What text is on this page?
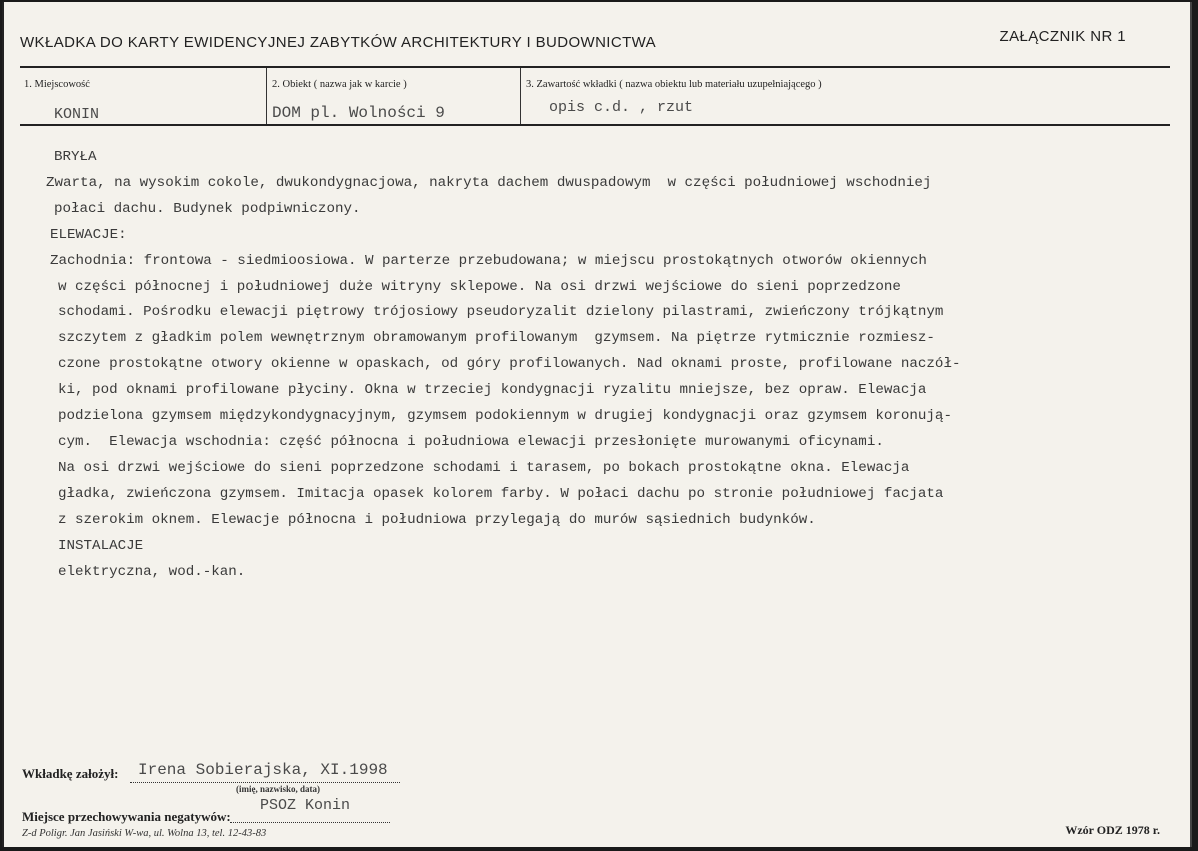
WKŁADKA DO KARTY EWIDENCYJNEJ ZABYTKÓW ARCHITEKTURY I BUDOWNICTWA	ZAŁĄCZNIK NR 1
1. Miejscowość
KONIN
2. Obiekt ( nazwa jak w karcie )
DOM pl. Wolności 9
3. Zawartość wkładki ( nazwa obiektu lub materiału uzupełniającego )
opis c.d. , rzut
BRYŁA
Zwarta, na wysokim cokole, dwukondygnacjowa, nakryta dachem dwuspadowym  w części południowej wschodniej
połaci dachu. Budynek podpiwniczony.
ELEWACJE:
Zachodnia: frontowa - siedmioosiowa. W parterze przebudowana; w miejscu prostokątnych otworów okiennych
w części północnej i południowej duże witryny sklepowe. Na osi drzwi wejściowe do sieni poprzedzone
schodami. Pośrodku elewacji piętrowy trójosiowy pseudoryzalit dzielony pilastrami, zwieńczony trójkątnym
szczytem z gładkim polem wewnętrznym obramowanym profilowanym  gzymsem. Na piętrze rytmicznie rozmiesz-
czone prostokątne otwory okienne w opaskach, od góry profilowanych. Nad oknami proste, profilowane naczół-
ki, pod oknami profilowane płyciny. Okna w trzeciej kondygnacji ryzalitu mniejsze, bez opraw. Elewacja
podzielona gzymsem międzykondygnacyjnym, gzymsem podokiennym w drugiej kondygnacji oraz gzymsem koronują-
cym.  Elewacja wschodnia: część północna i południowa elewacji przesłonięte murowanymi oficynami.
Na osi drzwi wejściowe do sieni poprzedzone schodami i tarasem, po bokach prostokątne okna. Elewacja
gładka, zwieńczona gzymsem. Imitacja opasek kolorem farby. W połaci dachu po stronie południowej facjata
z szerokim oknem. Elewacje północna i południowa przylegają do murów sąsiednich budynków.
INSTALACJE
elektryczna, wod.-kan.
Wkładkę założył: Irena Sobierajska, XI.1998
(imię, nazwisko, data)
Miejsce przechowywania negatywów:
PSOZ Konin
Z-d Poligr. Jan Jasiński W-wa, ul. Wolna 13, tel. 12-43-83	Wzór ODZ 1978 r.
